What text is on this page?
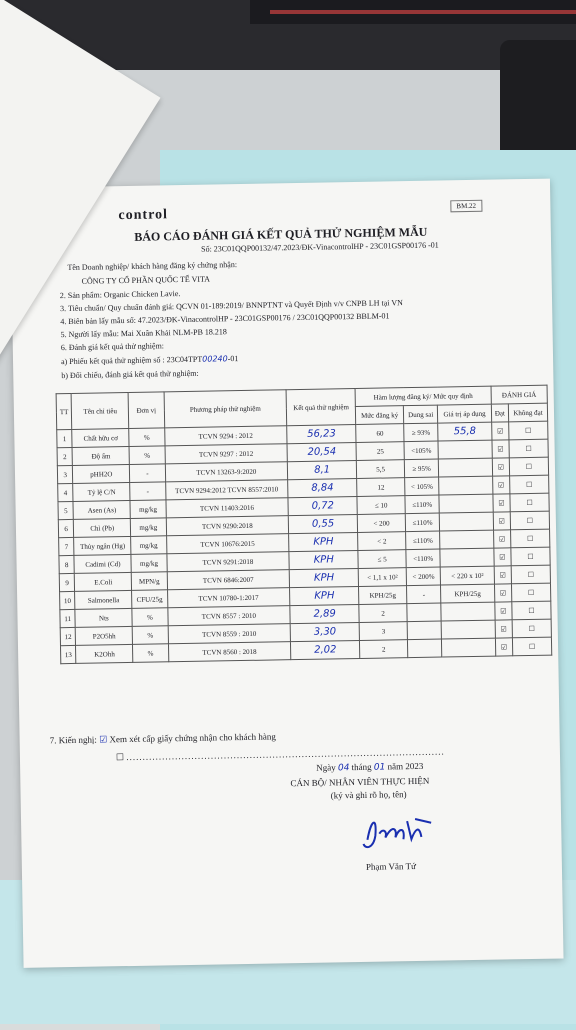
control
BM.22
BÁO CÁO ĐÁNH GIÁ KẾT QUẢ THỬ NGHIỆM MẪU
Số: 23C01QQP00132/47.2023/ĐK-VinacontrolHP - 23C01GSP00176 -01
Tên Doanh nghiệp/ khách hàng đăng ký chứng nhận:
CÔNG TY CỔ PHẦN QUỐC TẾ VITA
2. Sản phẩm: Organic Chicken Lavie.
3. Tiêu chuẩn/ Quy chuẩn đánh giá: QCVN 01-189:2019/ BNNPTNT và Quyết Định v/v CNPB LH tại VN
4. Biên bản lấy mẫu số: 47.2023/ĐK-VinacontrolHP - 23C01GSP00176 / 23C01QQP00132 BBLM-01
5. Người lấy mẫu: Mai Xuân Khải NLM-PB 18.218
6. Đánh giá kết quả thử nghiệm:
a) Phiếu kết quả thử nghiệm số : 23C04TPT00240-01
b) Đối chiếu, đánh giá kết quả thử nghiệm:
TT	Tên chỉ tiêu	Đơn vị	Phương pháp thử nghiệm	Kết quả thử nghiệm	Hàm lượng đăng ký/ Mức quy định			ĐÁNH GIÁ	
					Mức đăng ký	Dung sai	Giá trị áp dụng	Đạt	Không đạt
1	Chất hữu cơ	%	TCVN 9294 : 2012	56,23	60	≥ 93%	55,8	☑	☐
2	Độ ẩm	%	TCVN 9297 : 2012	20,54	25	<105%		☑	☐
3	pHH2O	-	TCVN 13263-9:2020	8,1	5,5	≥ 95%		☑	☐
4	Tỷ lệ C/N	-	TCVN 9294:2012 TCVN 8557:2010	8,84	12	< 105%		☑	☐
5	Asen (As)	mg/kg	TCVN 11403:2016	0,72	≤ 10	≤110%		☑	☐
6	Chì (Pb)	mg/kg	TCVN 9290:2018	0,55	< 200	≤110%		☑	☐
7	Thủy ngân (Hg)	mg/kg	TCVN 10676:2015	KPH	< 2	≤110%		☑	☐
8	Cadimi (Cd)	mg/kg	TCVN 9291:2018	KPH	≤ 5	<110%		☑	☐
9	E.Coli	MPN/g	TCVN 6846:2007	KPH	< 1,1 x 10²	< 200%	< 220 x 10²	☑	☐
10	Salmonella	CFU/25g	TCVN 10780-1:2017	KPH	KPH/25g	-	KPH/25g	☑	☐
11	Nts	%	TCVN 8557 : 2010	2,89	2			☑	☐
12	P2O5hh	%	TCVN 8559 : 2010	3,30	3			☑	☐
13	K2Ohh	%	TCVN 8560 : 2018	2,02	2			☑	☐
7. Kiến nghị: ☑ Xem xét cấp giấy chứng nhận cho khách hàng
☐ ..................................................................................................
Ngày 04 tháng 01 năm 2023
CÁN BỘ/ NHÂN VIÊN THỰC HIỆN
(ký và ghi rõ họ, tên)
Phạm Văn Tứ
